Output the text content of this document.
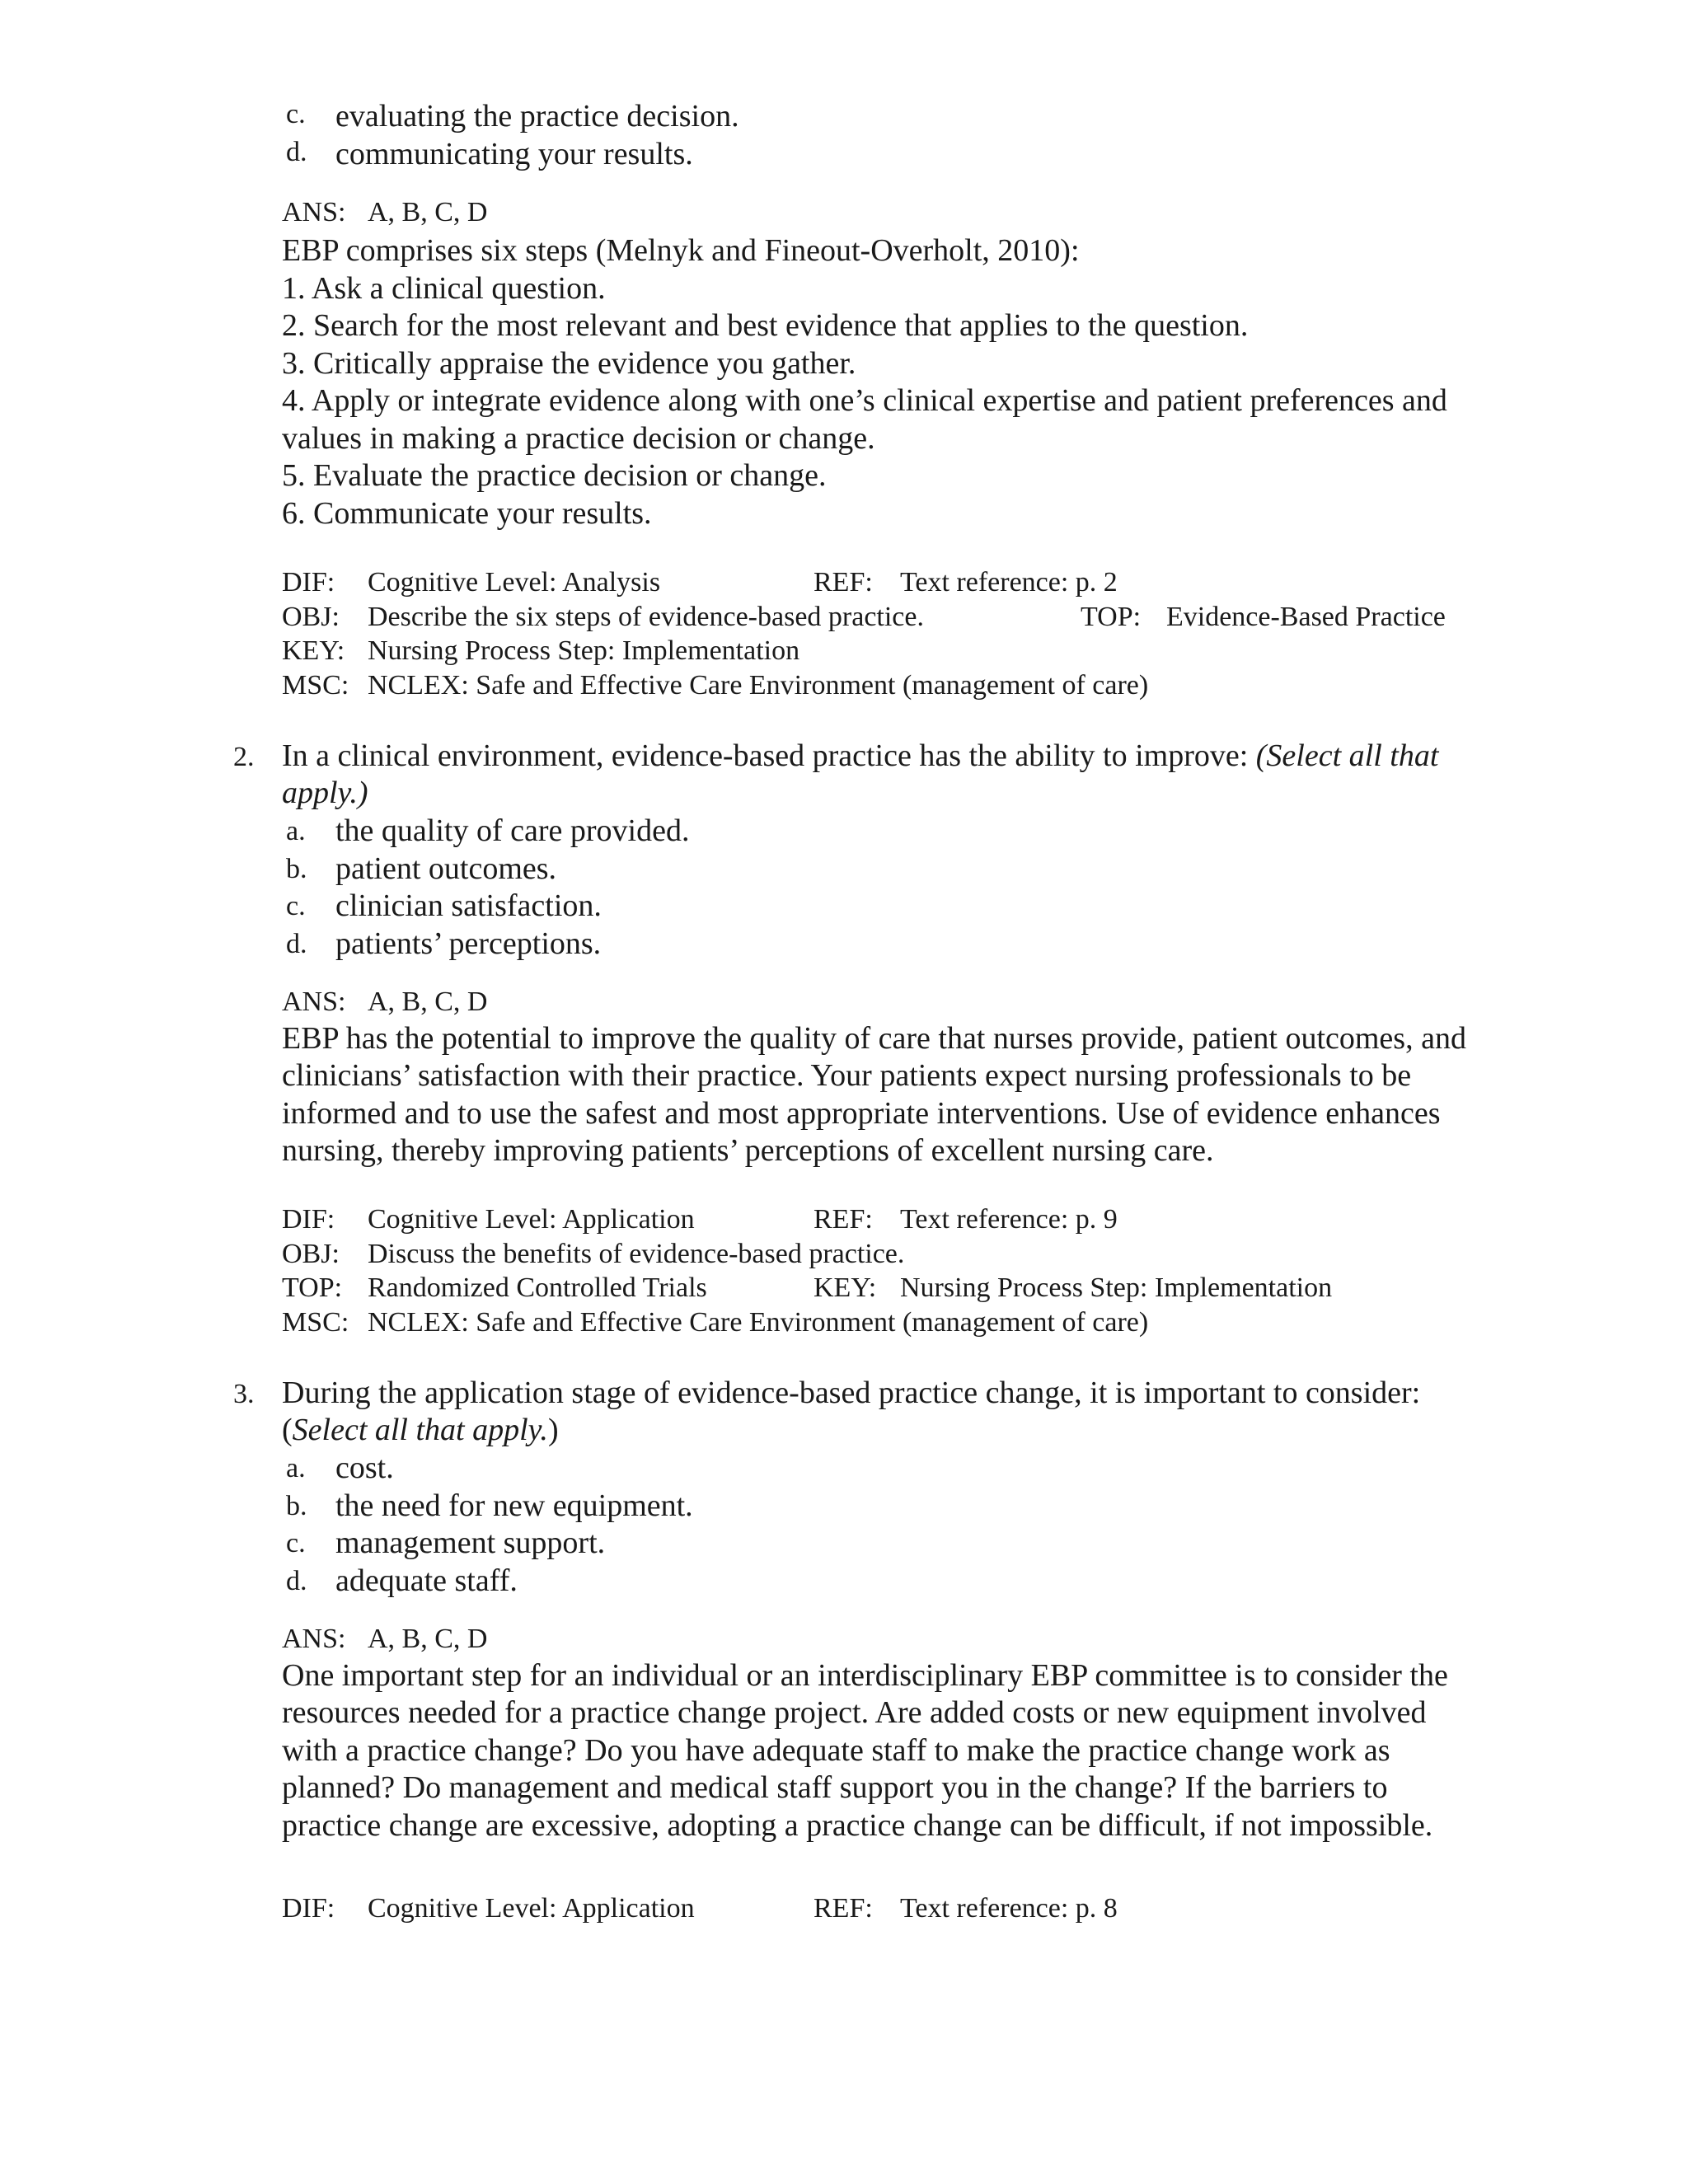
c. evaluating the practice decision.
d. communicating your results.
ANS: A, B, C, D
EBP comprises six steps (Melnyk and Fineout-Overholt, 2010):
1. Ask a clinical question.
2. Search for the most relevant and best evidence that applies to the question.
3. Critically appraise the evidence you gather.
4. Apply or integrate evidence along with one’s clinical expertise and patient preferences and
values in making a practice decision or change.
5. Evaluate the practice decision or change.
6. Communicate your results.
DIF: Cognitive Level: Analysis	REF: Text reference: p. 2
OBJ: Describe the six steps of evidence-based practice.	TOP: Evidence-Based Practice
KEY: Nursing Process Step: Implementation
MSC: NCLEX: Safe and Effective Care Environment (management of care)
2. In a clinical environment, evidence-based practice has the ability to improve: (Select all that
apply.)
a. the quality of care provided.
b. patient outcomes.
c. clinician satisfaction.
d. patients’ perceptions.
ANS: A, B, C, D
EBP has the potential to improve the quality of care that nurses provide, patient outcomes, and
clinicians’ satisfaction with their practice. Your patients expect nursing professionals to be
informed and to use the safest and most appropriate interventions. Use of evidence enhances
nursing, thereby improving patients’ perceptions of excellent nursing care.
DIF: Cognitive Level: Application	REF: Text reference: p. 9
OBJ: Discuss the benefits of evidence-based practice.
TOP: Randomized Controlled Trials	KEY: Nursing Process Step: Implementation
MSC: NCLEX: Safe and Effective Care Environment (management of care)
3. During the application stage of evidence-based practice change, it is important to consider:
(Select all that apply.)
a. cost.
b. the need for new equipment.
c. management support.
d. adequate staff.
ANS: A, B, C, D
One important step for an individual or an interdisciplinary EBP committee is to consider the
resources needed for a practice change project. Are added costs or new equipment involved
with a practice change? Do you have adequate staff to make the practice change work as
planned? Do management and medical staff support you in the change? If the barriers to
practice change are excessive, adopting a practice change can be difficult, if not impossible.
DIF: Cognitive Level: Application	REF: Text reference: p. 8
